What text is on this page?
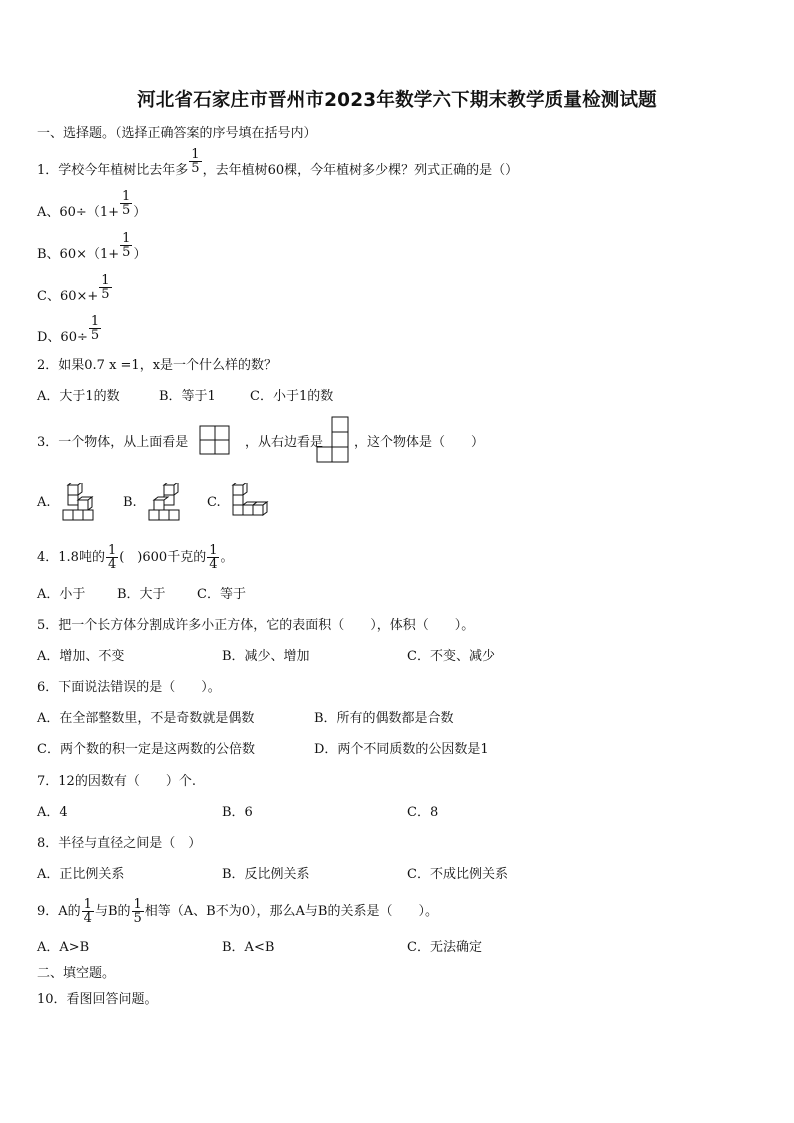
河北省石家庄市晋州市2023年数学六下期末教学质量检测试题
一、选择题。（选择正确答案的序号填在括号内）
1．学校今年植树比去年多 $\frac{1}{5}$ ，去年植树60棵，今年植树多少棵？列式正确的是（）
A、$60\div(1+ \frac{1}{5}$ ）
B、$60\times(1+ \frac{1}{5}$ ）
C、$60\times+ \frac{1}{5}$
D、$60\div \frac{1}{5}$
2．如果0.7 x =1，x是一个什么样的数？
A．大于1的数	B．等于1	C．小于1的数
3．一个物体，从上面看是	，从右边看是 ，这个物体是（　　）
A.	B.	C.
4．1.8吨的 $\frac{1}{4}$ (　)600千克的 $\frac{1}{4}$ 。
A．小于 B．大于 C．等于
5．把一个长方体分割成许多小正方体，它的表面积（　　），体积（　　）。
A．增加、不变	B．减少、增加	C．不变、减少
6．下面说法错误的是（　　）。
A．在全部整数里，不是奇数就是偶数	B．所有的偶数都是合数
C．两个数的积一定是这两数的公倍数	D．两个不同质数的公因数是1
7．12的因数有（　　）个.
A．4	B．6	C．8
8．半径与直径之间是（　）
A．正比例关系	B．反比例关系	C．不成比例关系
9．A的 $\frac{1}{4}$ 与B的 $\frac{1}{5}$ 相等（A、B不为0），那么A与B的关系是（　　）。
A．A>B	B．A<B	C．无法确定
二、填空题。
10．看图回答问题。
